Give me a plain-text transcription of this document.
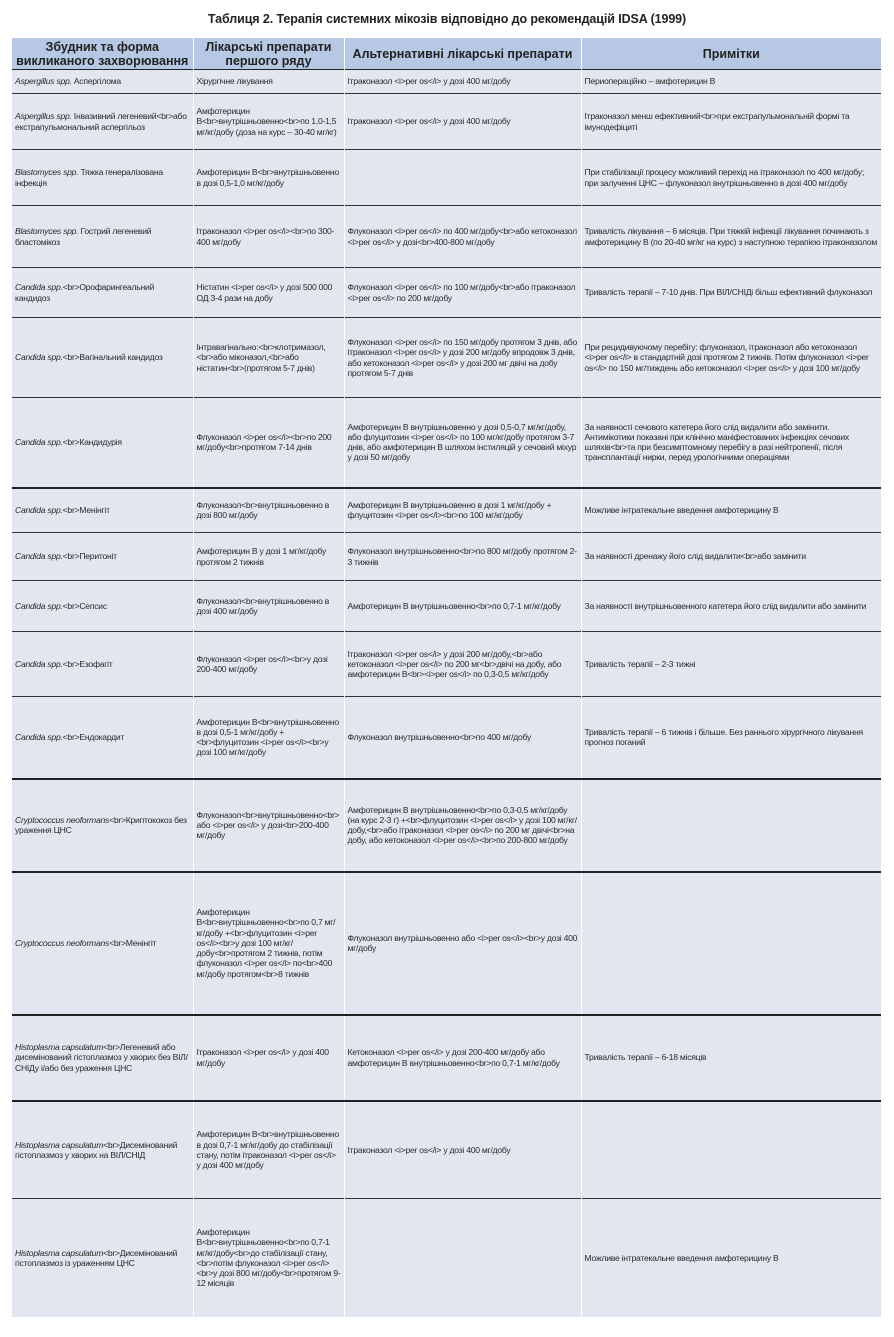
Таблиця 2. Терапія системних мікозів відповідно до рекомендацій IDSA (1999)
Збудник та форма викликаного захворювання	Лікарські препарати першого ряду	Альтернативні лікарські препарати	Примітки
Aspergillus spp. Аспергілома	Хірургічне лікування	Ітраконазол <i>per os</i> у дозі 400 мг/добу	Периопераційно – амфотерицин В
Aspergillus spp. Інвазивний легеневий<br>або екстрапульмональний аспергільоз	Амфотерицин В<br>внутрішньовенно<br>по 1,0-1,5 мг/кг/добу (доза на курс – 30-40 мг/кг)	Ітраконазол <i>per os</i> у дозі 400 мг/добу	Ітраконазол менш ефективний<br>при екстрапульмональній формі та імунодефіциті
Blastomyces spp. Тяжка генералізована інфекція	Амфотерицин В<br>внутрішньовенно в дозі 0,5-1,0 мг/кг/добу		При стабілізації процесу можливий перехід на ітраконазол по 400 мг/добу; при залученні ЦНС – флуконазол внутрішньовенно в дозі 400 мг/добу
Blastomyces spp. Гострий легеневий бластомікоз	Ітраконазол <i>per os</i><br>по 300-400 мг/добу	Флуконазол <i>per os</i> по 400 мг/добу<br>або кетоконазол <i>per os</i> у дозі<br>400-800 мг/добу	Тривалість лікування – 6 місяців. При тяжкій інфекції лікування починають з амфотерицину В (по 20-40 мг/кг на курс) з наступною терапією ітраконазолом
Candida spp.<br>Орофарингеальний кандидоз	Ністатин <i>per os</i> у дозі 500 000 ОД 3-4 рази на добу	Флуконазол <i>per os</i> по 100 мг/добу<br>або ітраконазол <i>per os</i> по 200 мг/добу	Тривалість терапії – 7-10 днів. При ВІЛ/СНІДі більш ефективний флуконазол
Candida spp.<br>Вагінальний кандидоз	Інтравагінально:<br>клотримазол,<br>або міконазол,<br>або ністатин<br>(протягом 5-7 днів)	Флуконазол <i>per os</i> по 150 мг/добу протягом 3 днів, або ітраконазол <i>per os</i> у дозі 200 мг/добу впродовж 3 днів, або кетоконазол <i>per os</i> у дозі 200 мг двічі на добу протягом 5-7 днів	При рецидивуючому перебігу: флуконазол, ітраконазол або кетоконазол <i>per os</i> в стандартній дозі протягом 2 тижнів. Потім флуконазол <i>per os</i> по 150 мг/тиждень або кетоконазол <i>per os</i> у дозі 100 мг/добу
Candida spp.<br>Кандидурія	Флуконазол <i>per os</i><br>по 200 мг/добу<br>протягом 7-14 днів	Амфотерицин В внутрішньовенно у дозі 0,5-0,7 мг/кг/добу, або флуцитозин <i>per os</i> по 100 мг/кг/добу протягом 3-7 днів, або амфотерицин В шляхом інстиляцій у сечовий міхур у дозі 50 мг/добу	За наявності сечового катетера його слід видалити або замінити. Антимікотики показані при клінічно маніфестованих інфекціях сечових шляхів<br>та при безсимптомному перебігу в разі нейтропенії, після трансплантації нирки, перед урологічними операціями
Candida spp.<br>Менінгіт	Флуконазол<br>внутрішньовенно в дозі 800 мг/добу	Амфотерицин В внутрішньовенно в дозі 1 мг/кг/добу + флуцитозин <i>per os</i><br>по 100 мг/кг/добу	Можливе інтратекальне введення амфотерицину В
Candida spp.<br>Перитоніт	Амфотерицин В у дозі 1 мг/кг/добу протягом 2 тижнів	Флуконазол внутрішньовенно<br>по 800 мг/добу протягом 2-3 тижнів	За наявності дренажу його слід видалити<br>або замінити
Candida spp.<br>Сепсис	Флуконазол<br>внутрішньовенно в дозі 400 мг/добу	Амфотерицин В внутрішньовенно<br>по 0,7-1 мг/кг/добу	За наявності внутрішньовенного катетера його слід видалити або замінити
Candida spp.<br>Езофагіт	Флуконазол <i>per os</i><br>у дозі 200-400 мг/добу	Ітраконазол <i>per os</i> у дозі 200 мг/добу,<br>або кетоконазол <i>per os</i> по 200 мг<br>двічі на добу, або амфотерицин В<br><i>per os</i> по 0,3-0,5 мг/кг/добу	Тривалість терапії – 2-3 тижні
Candida spp.<br>Ендокардит	Амфотерицин В<br>внутрішньовенно в дозі 0,5-1 мг/кг/добу +<br>флуцитозин <i>per os</i><br>у дозі 100 мг/кг/добу	Флуконазол внутрішньовенно<br>по 400 мг/добу	Тривалість терапії – 6 тижнів і більше. Без раннього хірургічного лікування прогноз поганий
Cryptococcus neoformans<br>Криптококоз без ураження ЦНС	Флуконазол<br>внутрішньовенно<br>або <i>per os</i> у дозі<br>200-400 мг/добу	Амфотерицин В внутрішньовенно<br>по 0,3-0,5 мг/кг/добу (на курс 2-3 г) +<br>флуцитозин <i>per os</i> у дозі 100 мг/кг/добу,<br>або ітраконазол <i>per os</i> по 200 мг двічі<br>на добу, або кетоконазол <i>per os</i><br>по 200-800 мг/добу	
Cryptococcus neoformans<br>Менінгіт	Амфотерицин В<br>внутрішньовенно<br>по 0,7 мг/кг/добу +<br>флуцитозин <i>per os</i><br>у дозі 100 мг/кг/добу<br>протягом 2 тижнів, потім флуконазол <i>per os</i> по<br>400 мг/добу протягом<br>8 тижнів	Флуконазол внутрішньовенно або <i>per os</i><br>у дозі 400 мг/добу	
Histoplasma capsulatum<br>Легеневий або дисемінований гістоплазмоз у хворих без ВІЛ/СНІДу і/або без ураження ЦНС	Ітраконазол <i>per os</i> у дозі 400 мг/добу	Кетоконазол <i>per os</i> у дозі 200-400 мг/добу або амфотерицин В внутрішньовенно<br>по 0,7-1 мг/кг/добу	Тривалість терапії – 6-18 місяців
Histoplasma capsulatum<br>Дисемінований гістоплазмоз у хворих на ВІЛ/СНІД	Амфотерицин В<br>внутрішньовенно в дозі 0,7-1 мг/кг/добу до стабілізації стану, потім ітраконазол <i>per os</i> у дозі 400 мг/добу	Ітраконазол <i>per os</i> у дозі 400 мг/добу	
Histoplasma capsulatum<br>Дисемінований гістоплазмоз із ураженням ЦНС	Амфотерицин В<br>внутрішньовенно<br>по 0,7-1 мг/кг/добу<br>до стабілізації стану,<br>потім флуконазол <i>per os</i><br>у дозі 800 мг/добу<br>протягом 9-12 місяців		Можливе інтратекальне введення амфотерицину В
